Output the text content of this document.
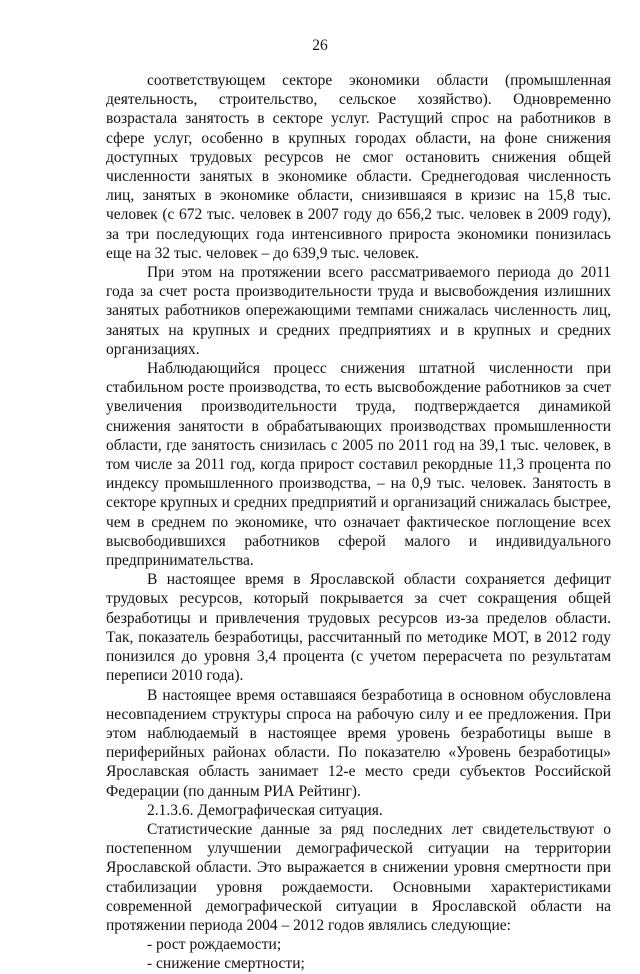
26

соответствующем секторе экономики области (промышленная деятельность, строительство, сельское хозяйство). Одновременно возрастала занятость в секторе услуг. Растущий спрос на работников в сфере услуг, особенно в крупных городах области, на фоне снижения доступных трудовых ресурсов не смог остановить снижения общей численности занятых в экономике области. Среднегодовая численность лиц, занятых в экономике области, снизившаяся в кризис на 15,8 тыс. человек (с 672 тыс. человек в 2007 году до 656,2 тыс. человек в 2009 году), за три последующих года интенсивного прироста экономики понизилась еще на 32 тыс. человек – до 639,9 тыс. человек.

При этом на протяжении всего рассматриваемого периода до 2011 года за счет роста производительности труда и высвобождения излишних занятых работников опережающими темпами снижалась численность лиц, занятых на крупных и средних предприятиях и в крупных и средних организациях.

Наблюдающийся процесс снижения штатной численности при стабильном росте производства, то есть высвобождение работников за счет увеличения производительности труда, подтверждается динамикой снижения занятости в обрабатывающих производствах промышленности области, где занятость снизилась с 2005 по 2011 год на 39,1 тыс. человек, в том числе за 2011 год, когда прирост составил рекордные 11,3 процента по индексу промышленного производства, – на 0,9 тыс. человек. Занятость в секторе крупных и средних предприятий и организаций снижалась быстрее, чем в среднем по экономике, что означает фактическое поглощение всех высвободившихся работников сферой малого и индивидуального предпринимательства.

В настоящее время в Ярославской области сохраняется дефицит трудовых ресурсов, который покрывается за счет сокращения общей безработицы и привлечения трудовых ресурсов из-за пределов области. Так, показатель безработицы, рассчитанный по методике МОТ, в 2012 году понизился до уровня 3,4 процента (с учетом перерасчета по результатам переписи 2010 года).

В настоящее время оставшаяся безработица в основном обусловлена несовпадением структуры спроса на рабочую силу и ее предложения. При этом наблюдаемый в настоящее время уровень безработицы выше в периферийных районах области. По показателю «Уровень безработицы» Ярославская область занимает 12-е место среди субъектов Российской Федерации (по данным РИА Рейтинг).

2.1.3.6. Демографическая ситуация.

Статистические данные за ряд последних лет свидетельствуют о постепенном улучшении демографической ситуации на территории Ярославской области. Это выражается в снижении уровня смертности при стабилизации уровня рождаемости. Основными характеристиками современной демографической ситуации в Ярославской области на протяжении периода 2004 – 2012 годов являлись следующие:

- рост рождаемости;

- снижение смертности;
